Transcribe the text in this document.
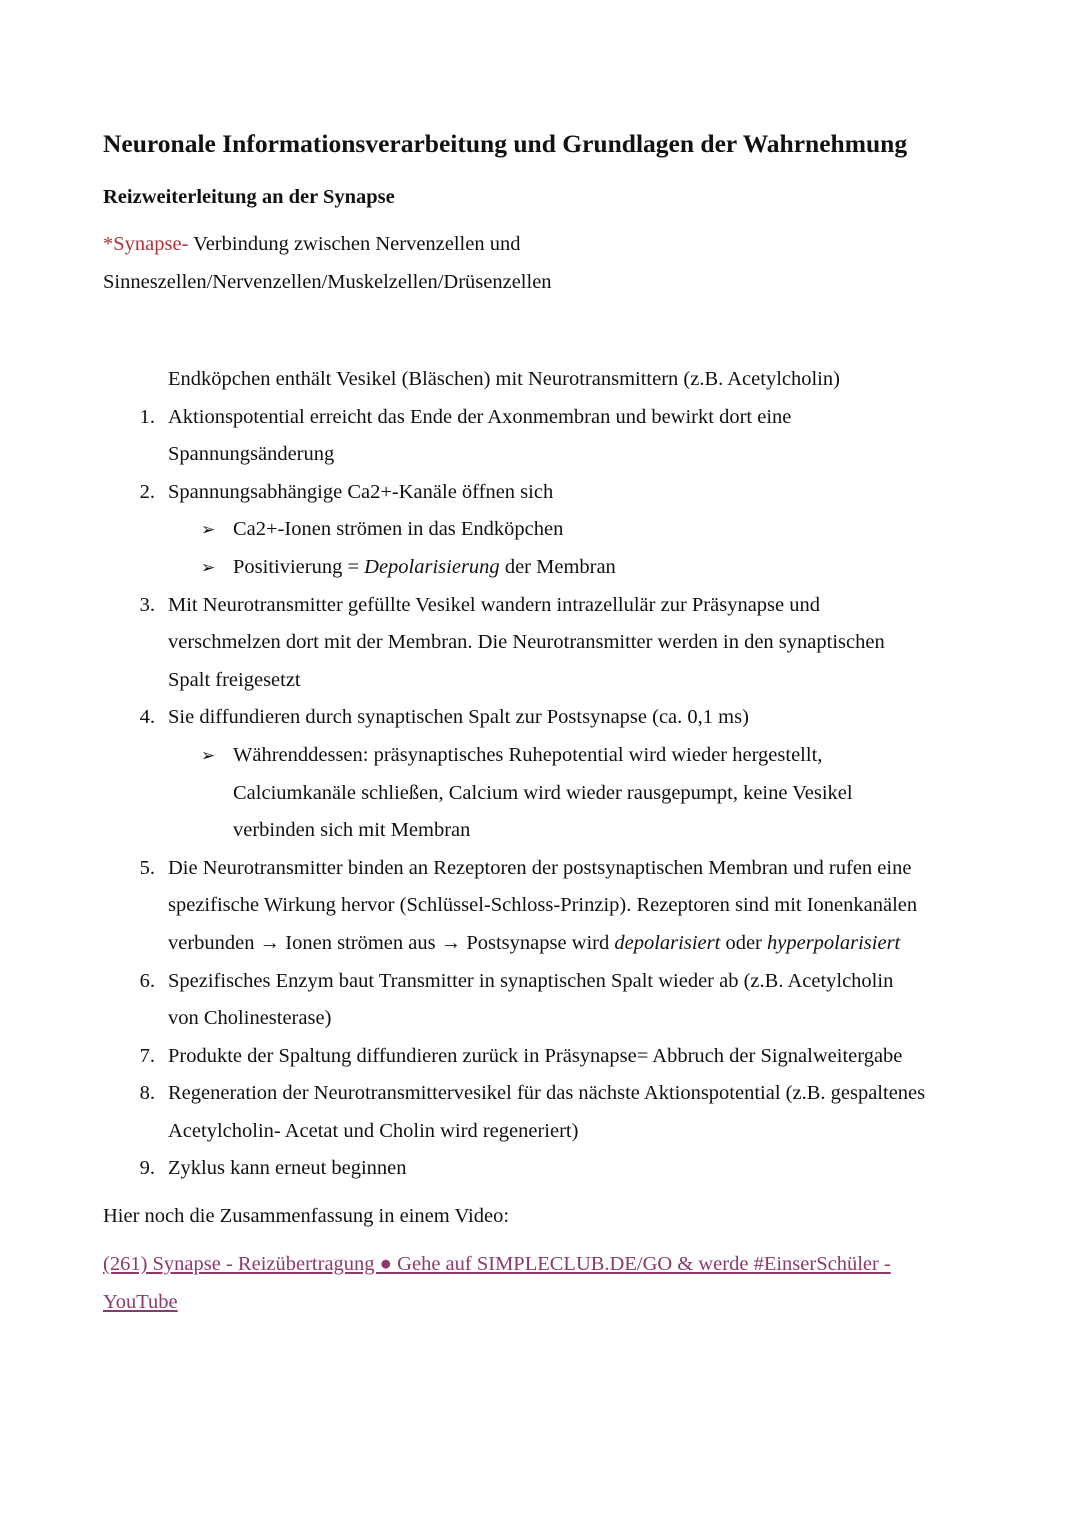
Neuronale Informationsverarbeitung und Grundlagen der Wahrnehmung
Reizweiterleitung an der Synapse
*Synapse- Verbindung zwischen Nervenzellen und
Sinneszellen/Nervenzellen/Muskelzellen/Drüsenzellen
Endköpchen enthält Vesikel (Bläschen) mit Neurotransmittern (z.B. Acetylcholin)
1. Aktionspotential erreicht das Ende der Axonmembran und bewirkt dort eine
Spannungsänderung
2. Spannungsabhängige Ca2+-Kanäle öffnen sich
➢ Ca2+-Ionen strömen in das Endköpchen
➢ Positivierung = Depolarisierung der Membran
3. Mit Neurotransmitter gefüllte Vesikel wandern intrazellulär zur Präsynapse und
verschmelzen dort mit der Membran. Die Neurotransmitter werden in den synaptischen
Spalt freigesetzt
4. Sie diffundieren durch synaptischen Spalt zur Postsynapse (ca. 0,1 ms)
➢ Währenddessen: präsynaptisches Ruhepotential wird wieder hergestellt,
Calciumkanäle schließen, Calcium wird wieder rausgepumpt, keine Vesikel
verbinden sich mit Membran
5. Die Neurotransmitter binden an Rezeptoren der postsynaptischen Membran und rufen eine
spezifische Wirkung hervor (Schlüssel-Schloss-Prinzip). Rezeptoren sind mit Ionenkanälen
verbunden → Ionen strömen aus → Postsynapse wird depolarisiert oder hyperpolarisiert
6. Spezifisches Enzym baut Transmitter in synaptischen Spalt wieder ab (z.B. Acetylcholin
von Cholinesterase)
7. Produkte der Spaltung diffundieren zurück in Präsynapse= Abbruch der Signalweitergabe
8. Regeneration der Neurotransmittervesikel für das nächste Aktionspotential (z.B. gespaltenes
Acetylcholin- Acetat und Cholin wird regeneriert)
9. Zyklus kann erneut beginnen
Hier noch die Zusammenfassung in einem Video:
(261) Synapse - Reizübertragung ● Gehe auf SIMPLECLUB.DE/GO & werde #EinserSchüler -
YouTube
